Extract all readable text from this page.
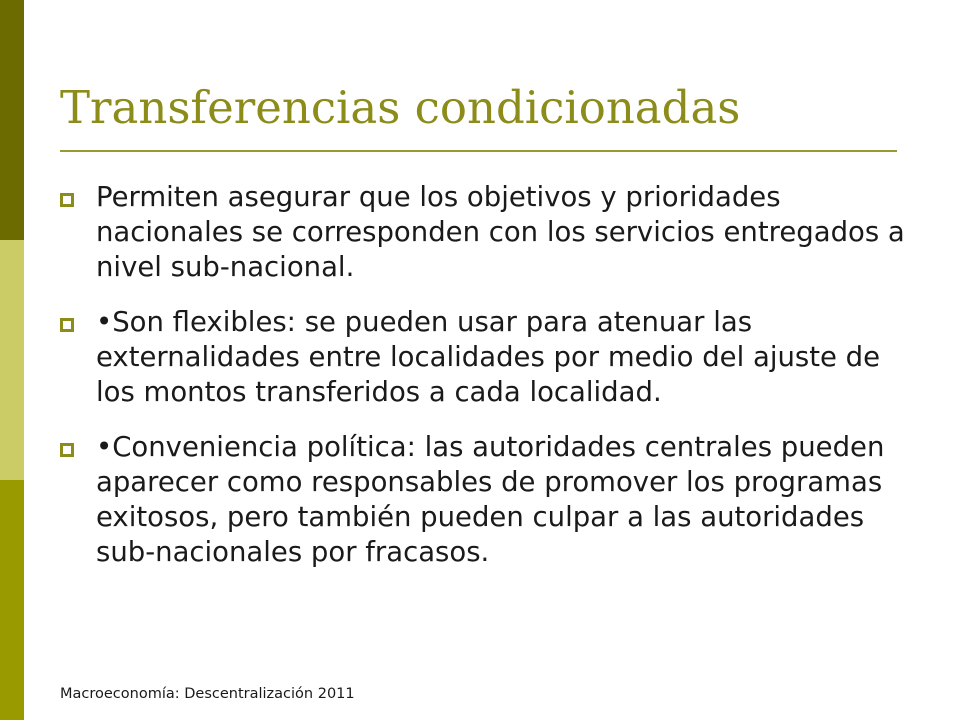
Transferencias condicionadas
Permiten asegurar que los objetivos y prioridades nacionales se corresponden con los servicios entregados a nivel sub-nacional.
•Son flexibles: se pueden usar para atenuar las externalidades entre localidades por medio del ajuste de los montos transferidos a cada localidad.
•Conveniencia política: las autoridades centrales pueden aparecer como responsables de promover los programas exitosos, pero también pueden culpar a las autoridades sub-nacionales por fracasos.
Macroeconomía: Descentralización 2011
